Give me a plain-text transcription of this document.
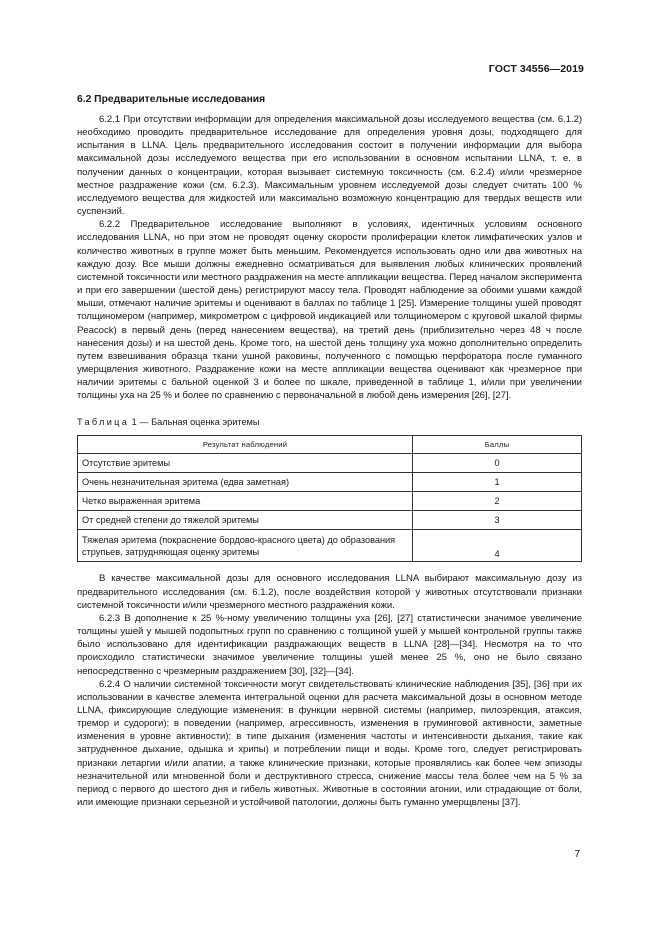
ГОСТ 34556—2019
6.2 Предварительные исследования

6.2.1 При отсутствии информации для определения максимальной дозы исследуемого вещества (см. 6.1.2) необходимо проводить предварительное исследование для определения уровня дозы, подходящего для испытания в LLNA. Цель предварительного исследования состоит в получении информации для выбора максимальной дозы исследуемого вещества при его использовании в основном испытании LLNA, т. е. в получении данных о концентрации, которая вызывает системную токсичность (см. 6.2.4) и/или чрезмерное местное раздражение кожи (см. 6.2.3). Максимальным уровнем исследуемой дозы следует считать 100 % исследуемого вещества для жидкостей или максимально возможную концентрацию для твердых веществ или суспензий.

6.2.2 Предварительное исследование выполняют в условиях, идентичных условиям основного исследования LLNA, но при этом не проводят оценку скорости пролиферации клеток лимфатических узлов и количество животных в группе может быть меньшим. Рекомендуется использовать одно или два животных на каждую дозу. Все мыши должны ежедневно осматриваться для выявления любых клинических проявлений системной токсичности или местного раздражения на месте аппликации вещества. Перед началом эксперимента и при его завершении (шестой день) регистрируют массу тела. Проводят наблюдение за обоими ушами каждой мыши, отмечают наличие эритемы и оценивают в баллах по таблице 1 [25]. Измерение толщины ушей проводят толщиномером (например, микрометром с цифровой индикацией или толщиномером с круговой шкалой фирмы Peacock) в первый день (перед нанесением вещества), на третий день (приблизительно через 48 ч после нанесения дозы) и на шестой день. Кроме того, на шестой день толщину уха можно дополнительно определить путем взвешивания образца ткани ушной раковины, полученного с помощью перфоратора после гуманного умерщвления животного. Раздражение кожи на месте аппликации вещества оценивают как чрезмерное при наличии эритемы с бальной оценкой 3 и более по шкале, приведенной в таблице 1, и/или при увеличении толщины уха на 25 % и более по сравнению с первоначальной в любой день измерения [26], [27].

Таблица 1 — Бальная оценка эритемы
Результат наблюдений	Баллы
Отсутствие эритемы	0
Очень незначительная эритема (едва заметная)	1
Четко выраженная эритема	2
От средней степени до тяжелой эритемы	3
Тяжелая эритема (покраснение бордово-красного цвета) до образования струпьев, затрудняющая оценку эритемы	4

В качестве максимальной дозы для основного исследования LLNA выбирают максимальную дозу из предварительного исследования (см. 6.1.2), после воздействия которой у животных отсутствовали признаки системной токсичности и/или чрезмерного местного раздражения кожи.

6.2.3 В дополнение к 25 %-ному увеличению толщины уха [26], [27] статистически значимое увеличение толщины ушей у мышей подопытных групп по сравнению с толщиной ушей у мышей контрольной группы также было использовано для идентификации раздражающих веществ в LLNA [28]—[34]. Несмотря на то что происходило статистически значимое увеличение толщины ушей менее 25 %, оно не было связано непосредственно с чрезмерным раздражением [30], [32]—[34].

6.2.4 О наличии системной токсичности могут свидетельствовать клинические наблюдения [35], [36] при их использовании в качестве элемента интегральной оценки для расчета максимальной дозы в основном методе LLNA, фиксирующие следующие изменения: в функции нервной системы (например, пилоэрекция, атаксия, тремор и судороги); в поведении (например, агрессивность, изменения в груминговой активности, заметные изменения в уровне активности); в типе дыхания (изменения частоты и интенсивности дыхания, такие как затрудненное дыхание, одышка и хрипы) и потреблении пищи и воды. Кроме того, следует регистрировать признаки летаргии и/или апатии, а также клинические признаки, которые проявлялись как более чем эпизоды незначительной или мгновенной боли и деструктивного стресса, снижение массы тела более чем на 5 % за период с первого до шестого дня и гибель животных. Животные в состоянии агонии, или страдающие от боли, или имеющие признаки серьезной и устойчивой патологии, должны быть гуманно умерщвлены [37].

7
